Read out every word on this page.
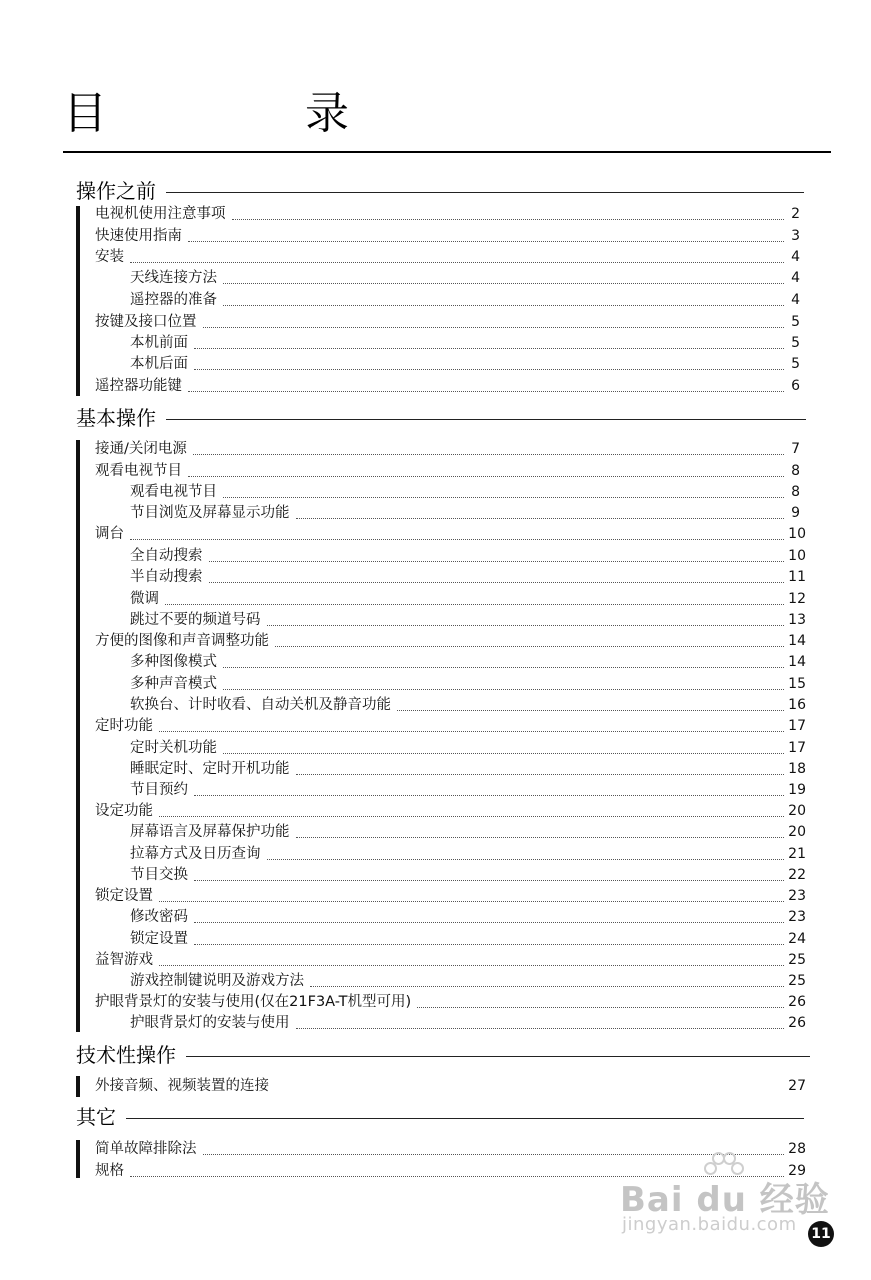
目 录
操作之前
电视机使用注意事项	2
快速使用指南	3
安装	4
天线连接方法	4
遥控器的准备	4
按键及接口位置	5
本机前面	5
本机后面	5
遥控器功能键	6
基本操作
接通/关闭电源	7
观看电视节目	8
观看电视节目	8
节目浏览及屏幕显示功能	9
调台	10
全自动搜索	10
半自动搜索	11
微调	12
跳过不要的频道号码	13
方便的图像和声音调整功能	14
多种图像模式	14
多种声音模式	15
软换台、计时收看、自动关机及静音功能	16
定时功能	17
定时关机功能	17
睡眠定时、定时开机功能	18
节目预约	19
设定功能	20
屏幕语言及屏幕保护功能	20
拉幕方式及日历查询	21
节目交换	22
锁定设置	23
修改密码	23
锁定设置	24
益智游戏	25
游戏控制键说明及游戏方法	25
护眼背景灯的安装与使用(仅在21F3A-T机型可用)	26
护眼背景灯的安装与使用	26
技术性操作
外接音频、视频装置的连接	27
其它
简单故障排除法	28
规格	29
Bai du 经验
jingyan.baidu.com 11
